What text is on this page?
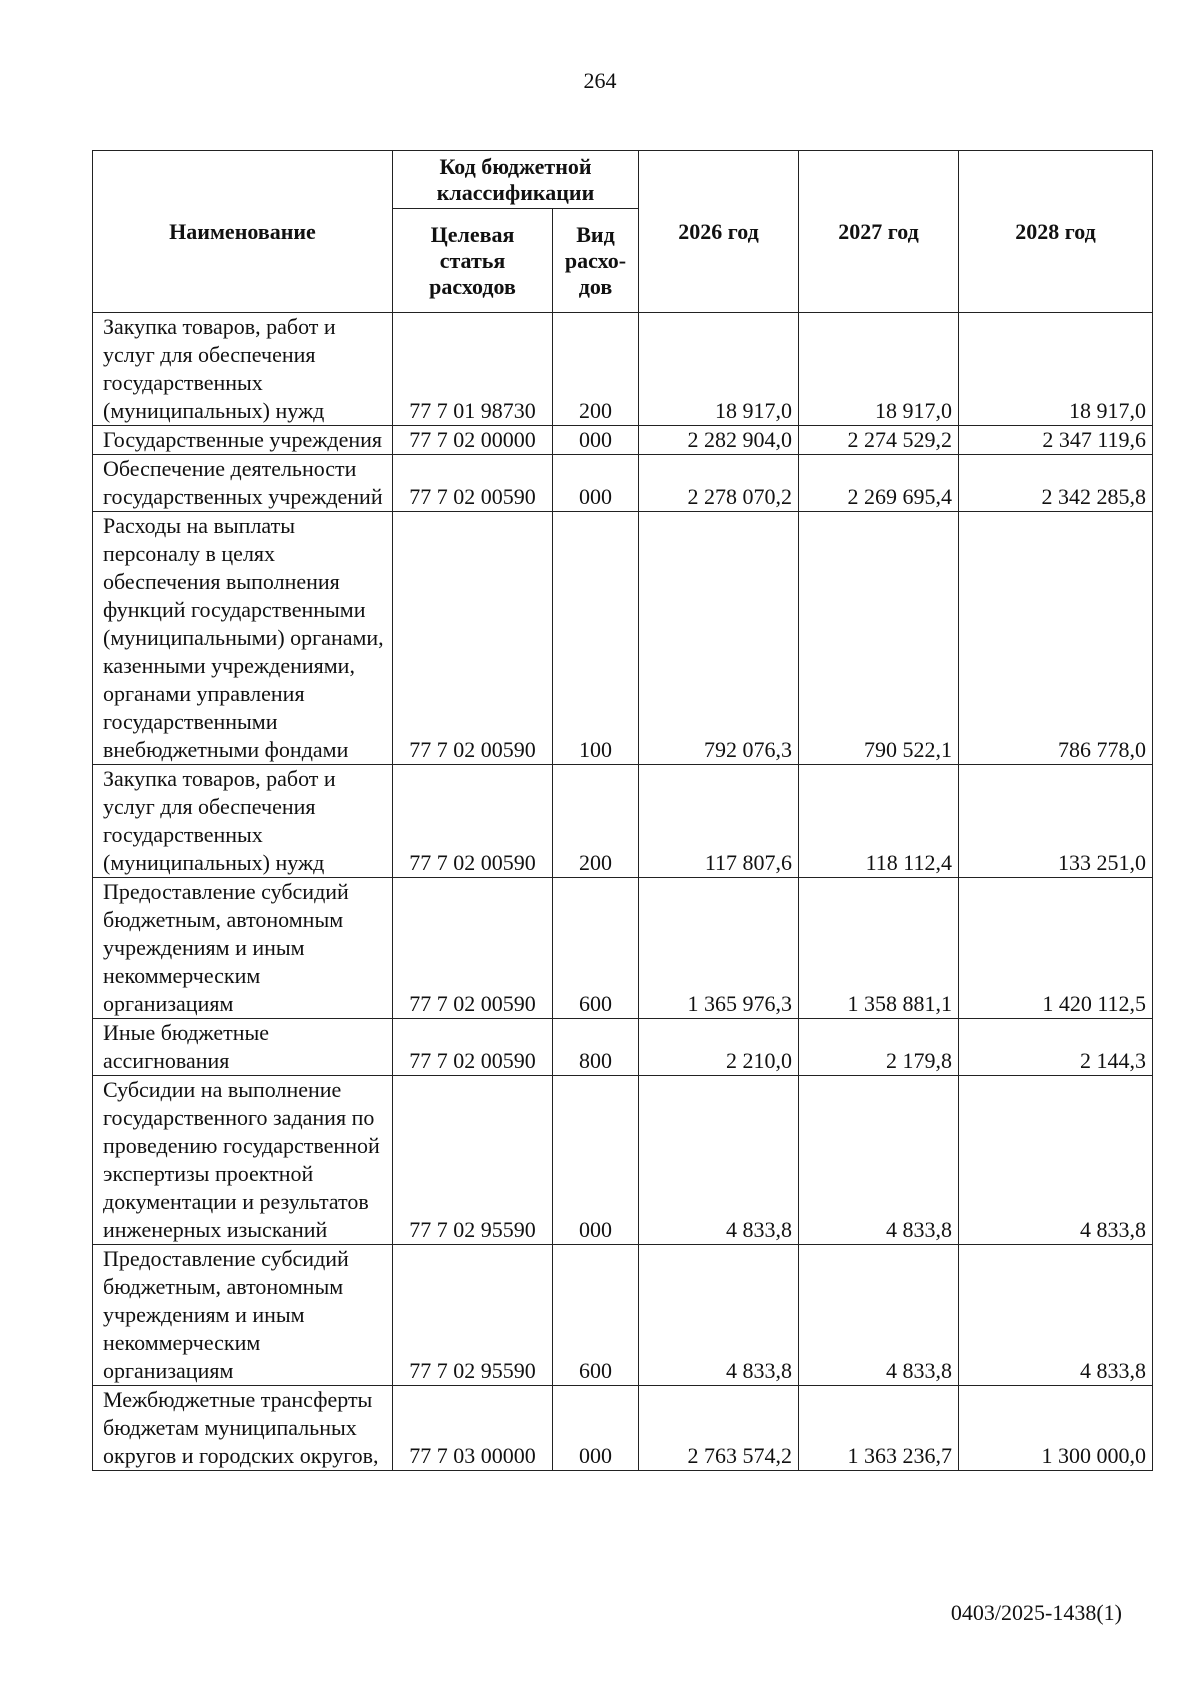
264
Наименование	Код бюджетной классификации		2026 год	2027 год	2028 год
	Целевая статья расходов	Вид расхо-дов			
Закупка товаров, работ и услуг для обеспечения государственных (муниципальных) нужд	77 7 01 98730	200	18 917,0	18 917,0	18 917,0
Государственные учреждения	77 7 02 00000	000	2 282 904,0	2 274 529,2	2 347 119,6
Обеспечение деятельности государственных учреждений	77 7 02 00590	000	2 278 070,2	2 269 695,4	2 342 285,8
Расходы на выплаты персоналу в целях обеспечения выполнения функций государственными (муниципальными) органами, казенными учреждениями, органами управления государственными внебюджетными фондами	77 7 02 00590	100	792 076,3	790 522,1	786 778,0
Закупка товаров, работ и услуг для обеспечения государственных (муниципальных) нужд	77 7 02 00590	200	117 807,6	118 112,4	133 251,0
Предоставление субсидий бюджетным, автономным учреждениям и иным некоммерческим организациям	77 7 02 00590	600	1 365 976,3	1 358 881,1	1 420 112,5
Иные бюджетные ассигнования	77 7 02 00590	800	2 210,0	2 179,8	2 144,3
Субсидии на выполнение государственного задания по проведению государственной экспертизы проектной документации и результатов инженерных изысканий	77 7 02 95590	000	4 833,8	4 833,8	4 833,8
Предоставление субсидий бюджетным, автономным учреждениям и иным некоммерческим организациям	77 7 02 95590	600	4 833,8	4 833,8	4 833,8
Межбюджетные трансферты бюджетам муниципальных округов и городских округов,	77 7 03 00000	000	2 763 574,2	1 363 236,7	1 300 000,0
0403/2025-1438(1)
